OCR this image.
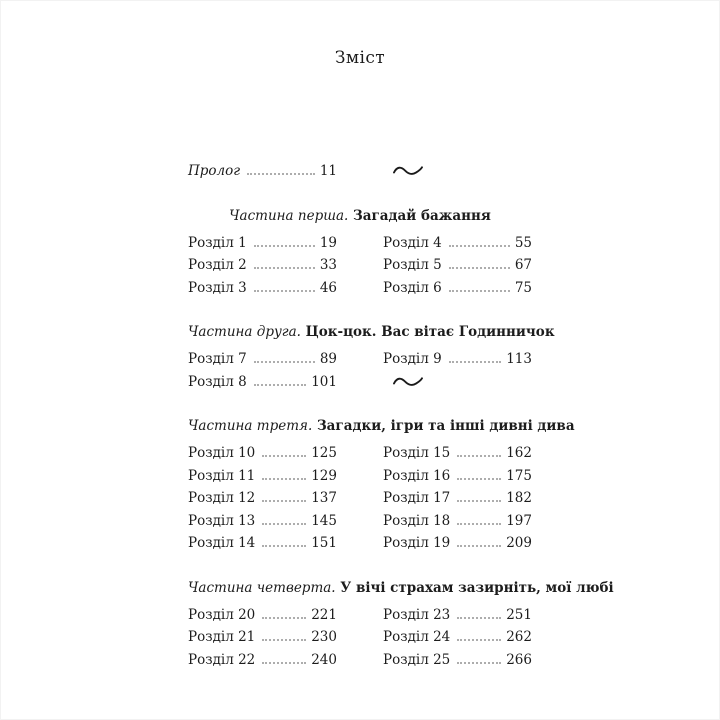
Зміст
Пролог	11
Частина перша. Загадай бажання
Розділ 1	19
Розділ 2	33
Розділ 3	46
Розділ 4	55
Розділ 5	67
Розділ 6	75
Частина друга. Цок-цок. Вас вітає Годинничок
Розділ 7	89
Розділ 8	101
Розділ 9	113
Частина третя. Загадки, ігри та інші дивні дива
Розділ 10	125
Розділ 11	129
Розділ 12	137
Розділ 13	145
Розділ 14	151
Розділ 15	162
Розділ 16	175
Розділ 17	182
Розділ 18	197
Розділ 19	209
Частина четверта. У вічі страхам зазирніть, мої любі
Розділ 20	221
Розділ 21	230
Розділ 22	240
Розділ 23	251
Розділ 24	262
Розділ 25	266
